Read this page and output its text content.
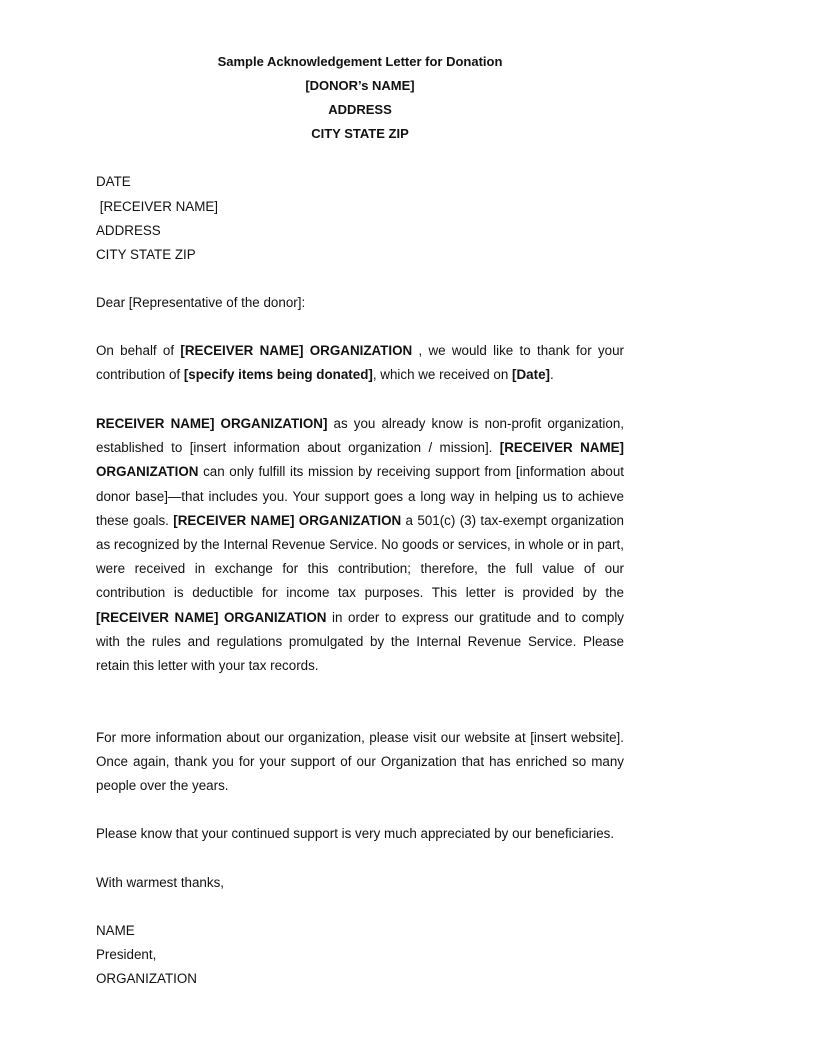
Sample Acknowledgement Letter for Donation
[DONOR’s NAME]
ADDRESS
CITY STATE ZIP
DATE
[RECEIVER NAME]
ADDRESS
CITY STATE ZIP
Dear [Representative of the donor]:
On behalf of [RECEIVER NAME] ORGANIZATION , we would like to thank for your contribution of [specify items being donated], which we received on [Date].
RECEIVER NAME] ORGANIZATION] as you already know is non-profit organization, established to [insert information about organization / mission]. [RECEIVER NAME] ORGANIZATION can only fulfill its mission by receiving support from [information about donor base]—that includes you. Your support goes a long way in helping us to achieve these goals. [RECEIVER NAME] ORGANIZATION a 501(c) (3) tax-exempt organization as recognized by the Internal Revenue Service. No goods or services, in whole or in part, were received in exchange for this contribution; therefore, the full value of our contribution is deductible for income tax purposes. This letter is provided by the [RECEIVER NAME] ORGANIZATION in order to express our gratitude and to comply with the rules and regulations promulgated by the Internal Revenue Service. Please retain this letter with your tax records.
For more information about our organization, please visit our website at [insert website]. Once again, thank you for your support of our Organization that has enriched so many people over the years.
Please know that your continued support is very much appreciated by our beneficiaries.
With warmest thanks,
NAME
President,
ORGANIZATION
